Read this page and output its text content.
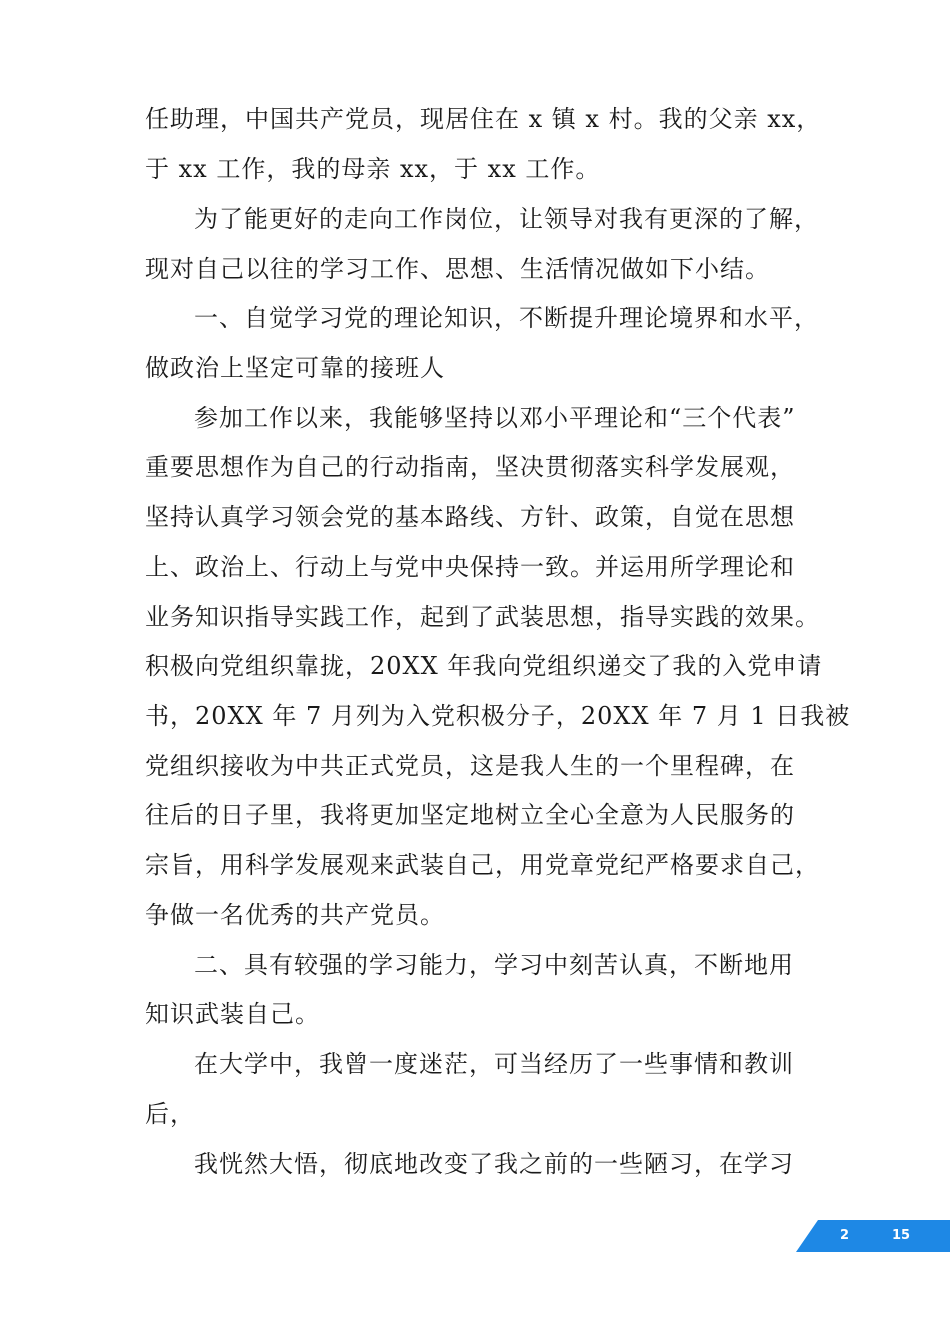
任助理，中国共产党员，现居住在 x 镇 x 村。我的父亲 xx，
于 xx 工作，我的母亲 xx，于 xx 工作。
为了能更好的走向工作岗位，让领导对我有更深的了解，
现对自己以往的学习工作、思想、生活情况做如下小结。
一、自觉学习党的理论知识，不断提升理论境界和水平，
做政治上坚定可靠的接班人
参加工作以来，我能够坚持以邓小平理论和“三个代表”
重要思想作为自己的行动指南，坚决贯彻落实科学发展观，
坚持认真学习领会党的基本路线、方针、政策，自觉在思想
上、政治上、行动上与党中央保持一致。并运用所学理论和
业务知识指导实践工作，起到了武装思想，指导实践的效果。
积极向党组织靠拢，20XX 年我向党组织递交了我的入党申请
书，20XX 年 7 月列为入党积极分子，20XX 年 7 月 1 日我被
党组织接收为中共正式党员，这是我人生的一个里程碑，在
往后的日子里，我将更加坚定地树立全心全意为人民服务的
宗旨，用科学发展观来武装自己，用党章党纪严格要求自己，
争做一名优秀的共产党员。
二、具有较强的学习能力，学习中刻苦认真，不断地用
知识武装自己。
在大学中，我曾一度迷茫，可当经历了一些事情和教训
后，
我恍然大悟，彻底地改变了我之前的一些陋习，在学习
2	15
